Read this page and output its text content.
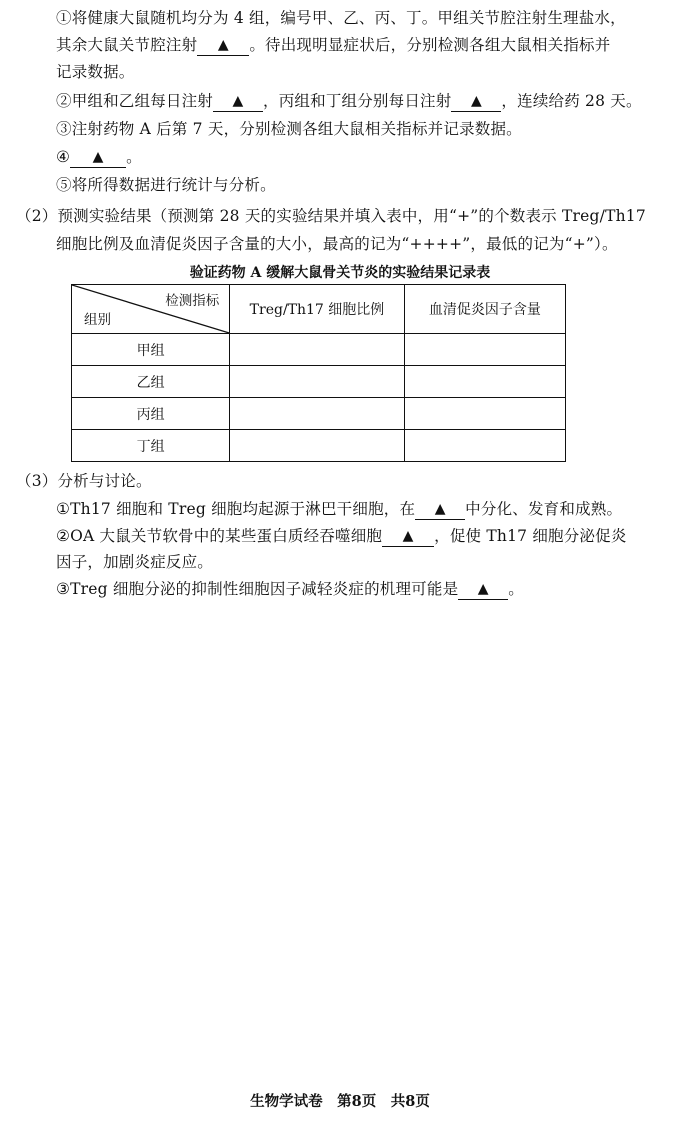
①将健康大鼠随机均分为 4 组，编号甲、乙、丙、丁。甲组关节腔注射生理盐水，
其余大鼠关节腔注射 ▲ 。待出现明显症状后，分别检测各组大鼠相关指标并
记录数据。
②甲组和乙组每日注射 ▲ ，丙组和丁组分别每日注射 ▲ ，连续给药 28 天。
③注射药物 A 后第 7 天，分别检测各组大鼠相关指标并记录数据。
④ ▲ 。
⑤将所得数据进行统计与分析。
（2）预测实验结果（预测第 28 天的实验结果并填入表中，用“+”的个数表示 Treg/Th17
细胞比例及血清促炎因子含量的大小，最高的记为“++++”，最低的记为“+”）。
验证药物 A 缓解大鼠骨关节炎的实验结果记录表
检测指标
组别	Treg/Th17 细胞比例	血清促炎因子含量
甲组		
乙组		
丙组		
丁组		
（3）分析与讨论。
①Th17 细胞和 Treg 细胞均起源于淋巴干细胞，在 ▲ 中分化、发育和成熟。
②OA 大鼠关节软骨中的某些蛋白质经吞噬细胞 ▲ ，促使 Th17 细胞分泌促炎
因子，加剧炎症反应。
③Treg 细胞分泌的抑制性细胞因子减轻炎症的机理可能是 ▲ 。
生物学试卷　第8页　共8页
